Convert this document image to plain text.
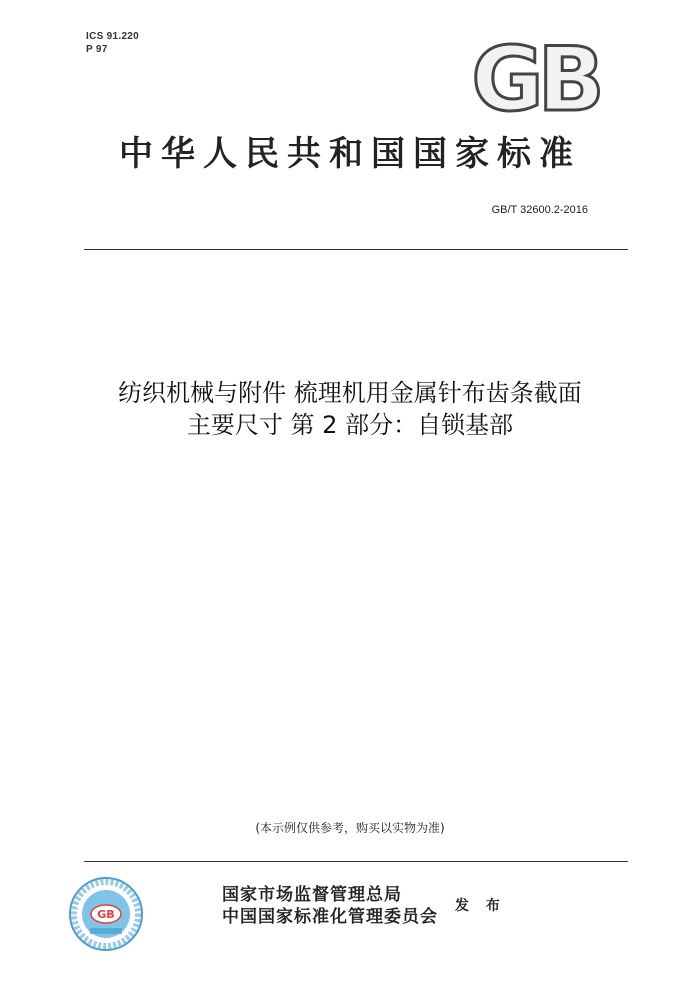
ICS 91.220
P 97	GB
中华人民共和国国家标准
GB/T 32600.2-2016
纺织机械与附件 梳理机用金属针布齿条截面
主要尺寸 第 2 部分：自锁基部
(本示例仅供参考，购买以实物为准)
GB
国家市场监督管理总局
中国国家标准化管理委员会
发 布
